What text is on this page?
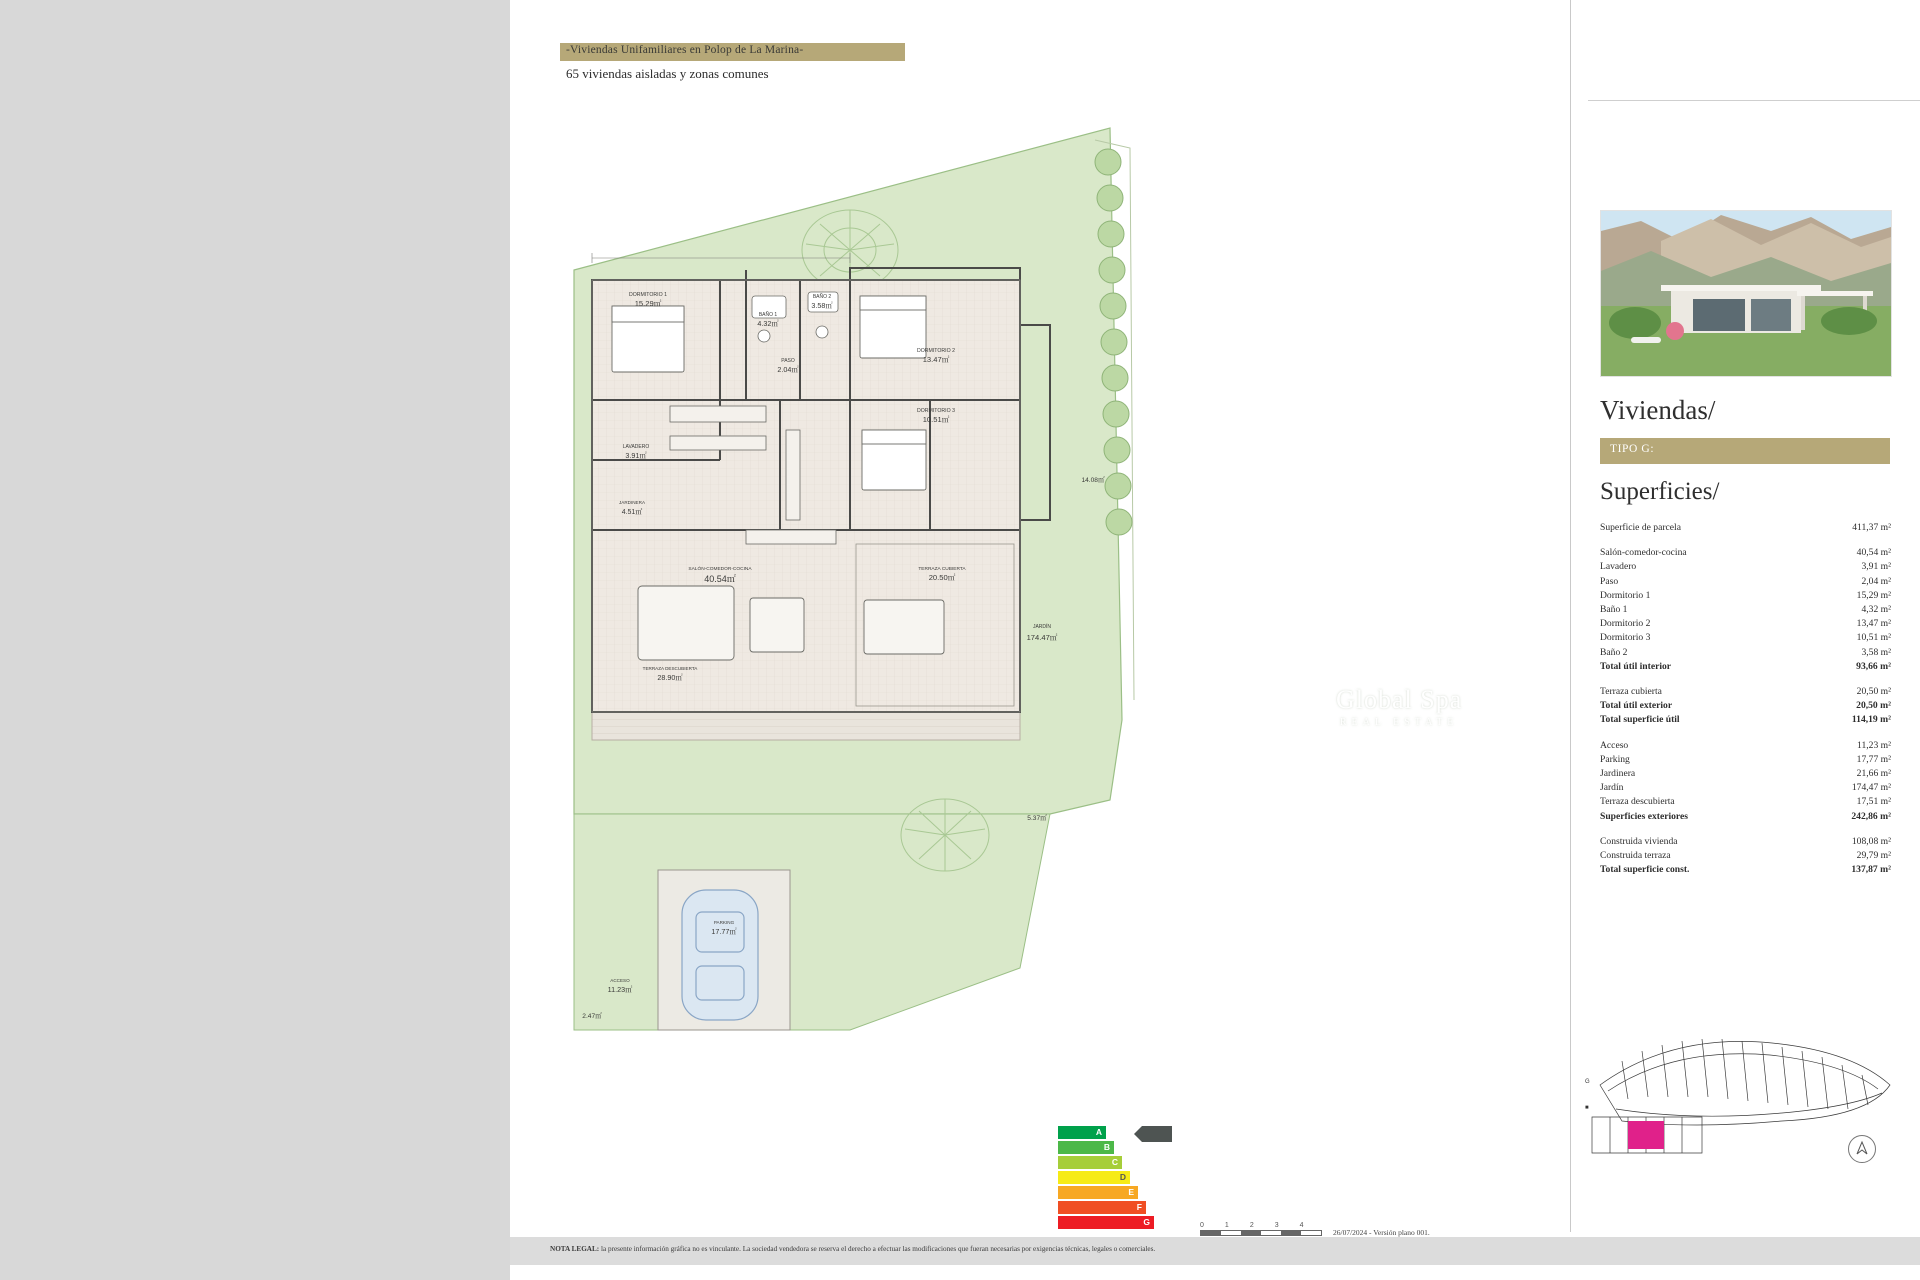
-Viviendas Unifamiliares en Polop de La Marina-
65 viviendas aisladas y zonas comunes
DORMITORIO 1
15.29㎡
BAÑO 1
4.32㎡
BAÑO 2
3.58㎡
PASO
2.04㎡
DORMITORIO 2
13.47㎡
DORMITORIO 3
10.51㎡
LAVADERO
3.91㎡
JARDINERA
4.51㎡
SALÓN-COMEDOR-COCINA
40.54㎡
TERRAZA CUBIERTA
20.50㎡
TERRAZA DESCUBIERTA
28.90㎡
JARDÍN
174.47㎡
14.08㎡
5.37㎡
PARKING
17.77㎡
ACCESO
11.23㎡
2.47㎡
Global Spa
REAL ESTATE
Viviendas/
TIPO G:
Superficies/
Superficie de parcela	411,37 m²
Salón-comedor-cocina	40,54 m²
Lavadero	3,91 m²
Paso	2,04 m²
Dormitorio 1	15,29 m²
Baño 1	4,32 m²
Dormitorio 2	13,47 m²
Dormitorio 3	10,51 m²
Baño 2	3,58 m²
Total útil interior	93,66 m²
Terraza cubierta	20,50 m²
Total útil exterior	20,50 m²
Total superficie útil	114,19 m²
Acceso	11,23 m²
Parking	17,77 m²
Jardinera	21,66 m²
Jardín	174,47 m²
Terraza descubierta	17,51 m²
Superficies exteriores	242,86 m²
Construida vivienda	108,08 m²
Construida terraza	29,79 m²
Total superficie const.	137,87 m²
G
■
A
B
C
D
E
F
G	0	1	2	3	4
26/07/2024 - Versión plano 001.
NOTA LEGAL: la presente información gráfica no es vinculante. La sociedad vendedora se reserva el derecho a efectuar las modificaciones que fueran necesarias por exigencias técnicas, legales o comerciales.
